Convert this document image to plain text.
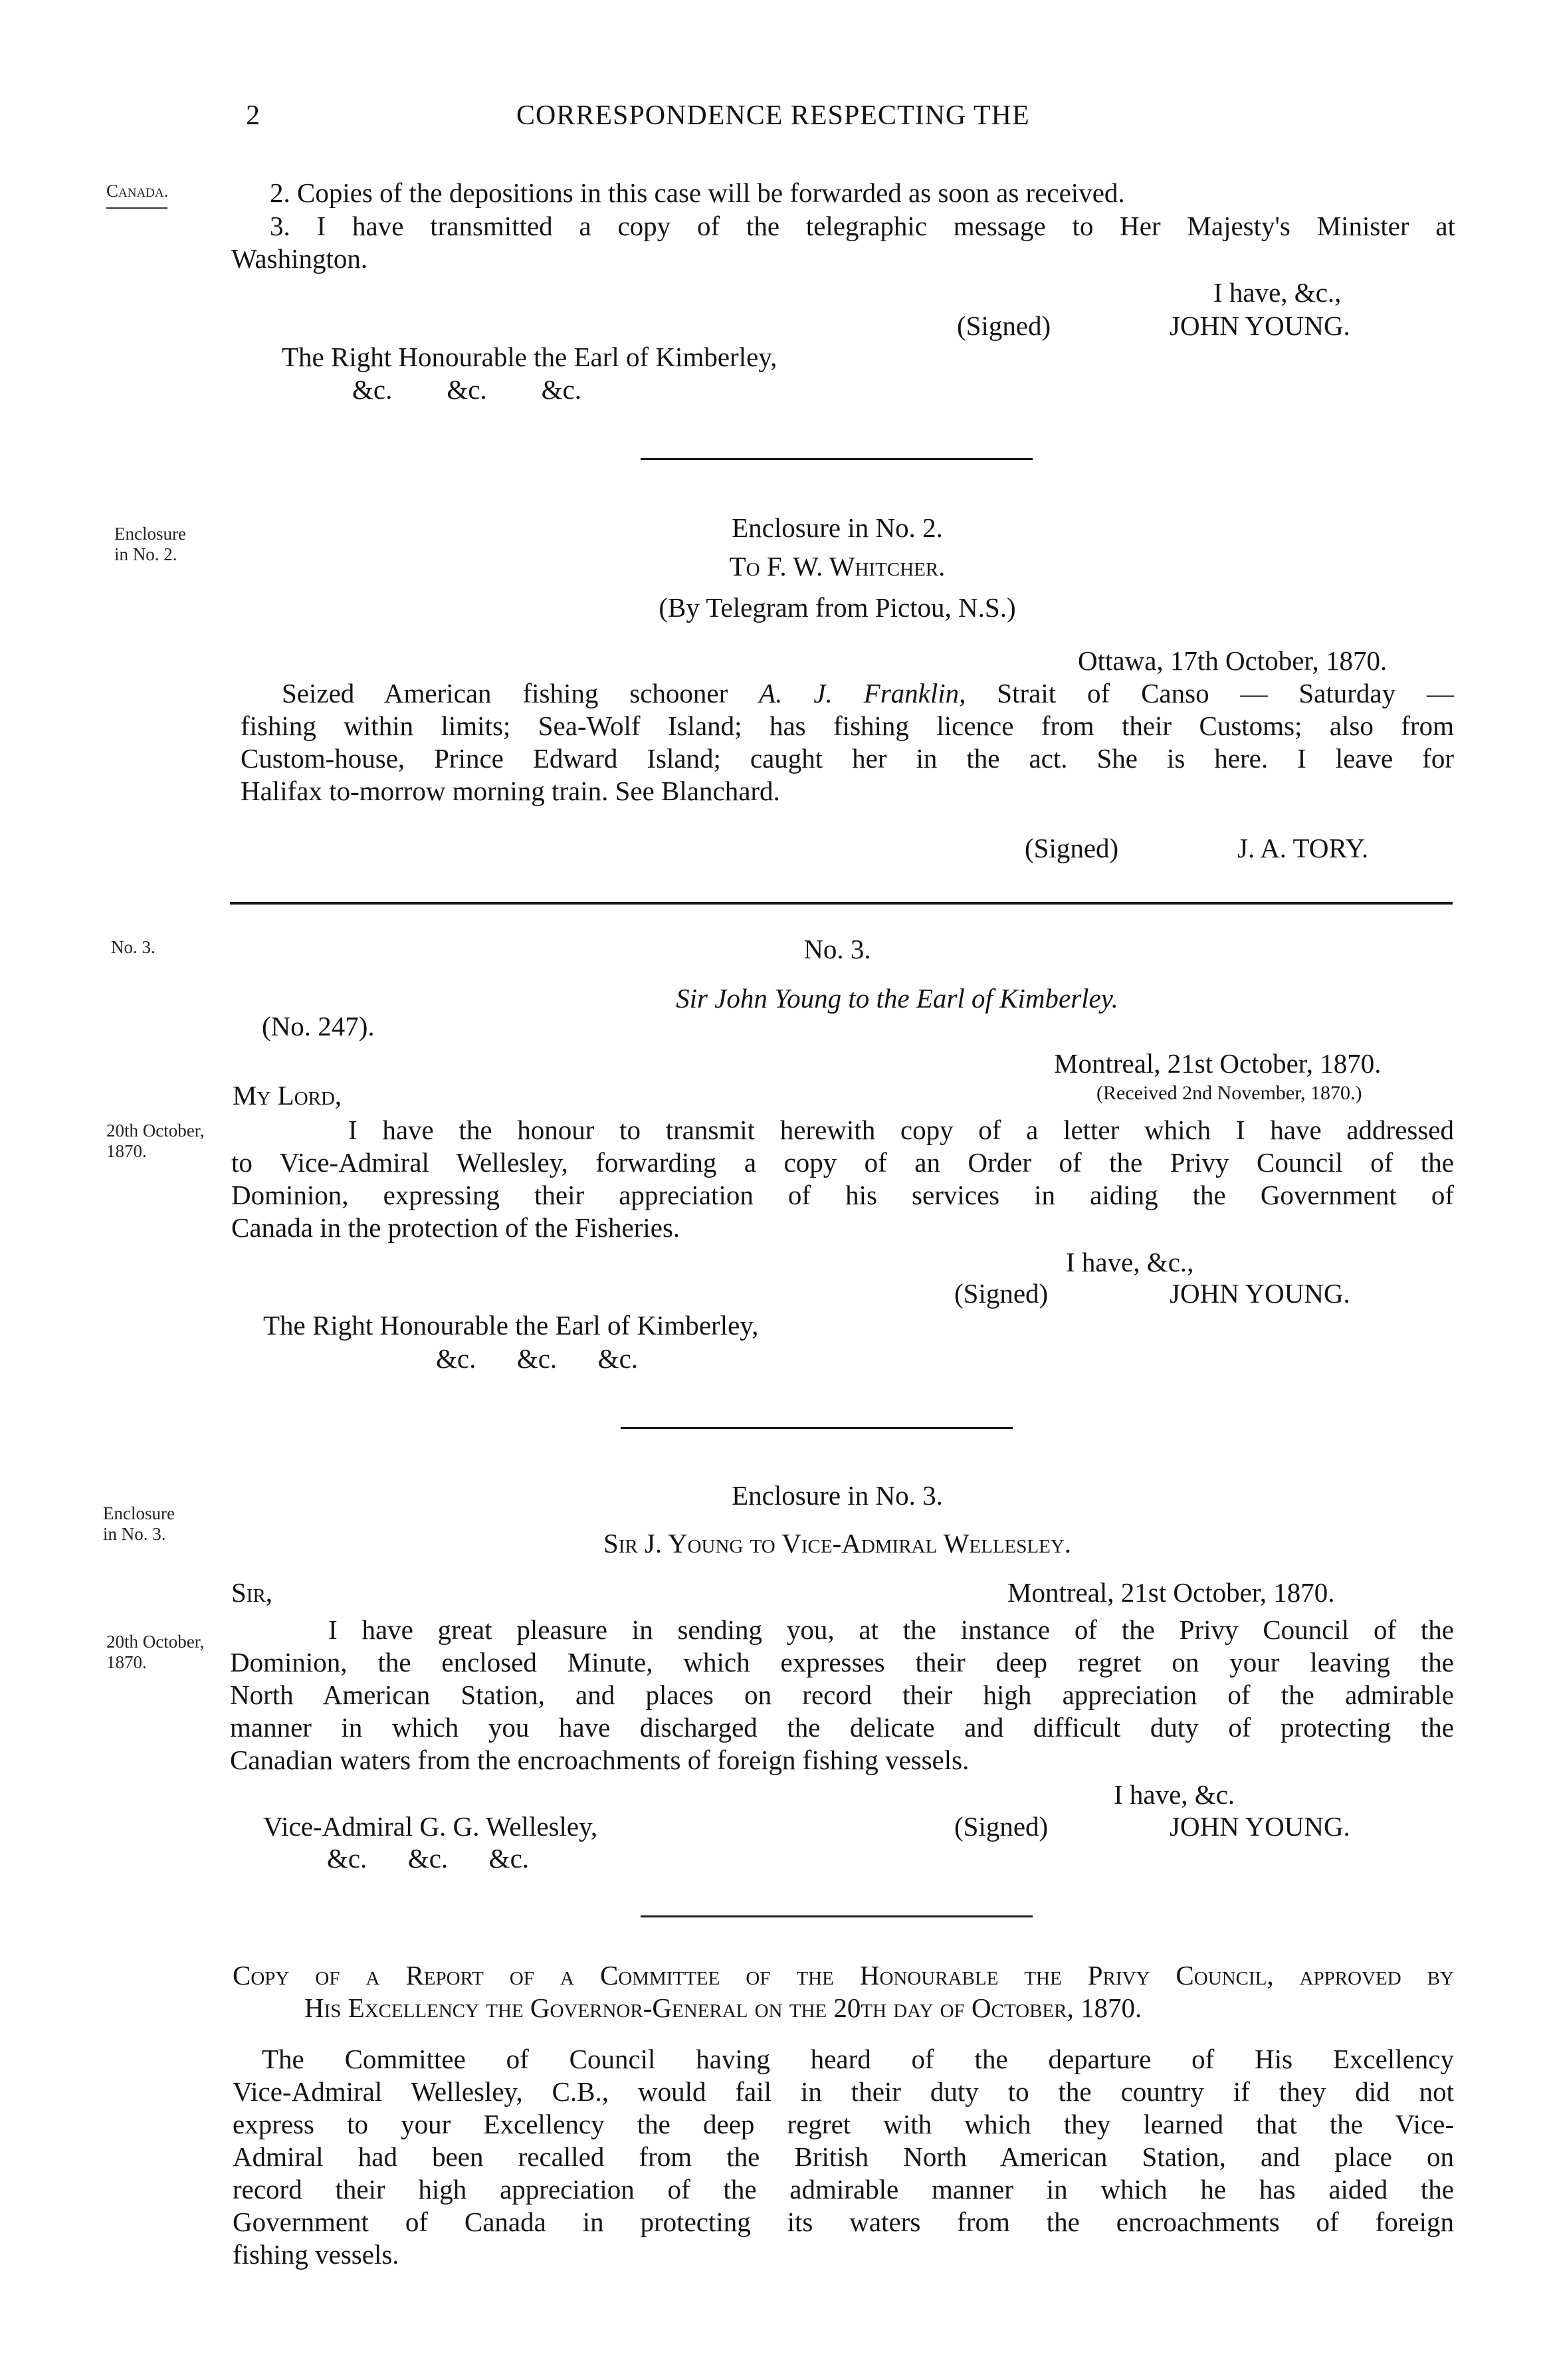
2	CORRESPONDENCE RESPECTING THE
Canada.
Enclosure
in No. 2.
No. 3.
20th October,
1870.
Enclosure
in No. 3.
20th October,
1870.
2. Copies of the depositions in this case will be forwarded as soon as received.
3. I have transmitted a copy of the telegraphic message to Her Majesty's Minister at
Washington.
I have, &c.,
(Signed)	JOHN YOUNG.
The Right Honourable the Earl of Kimberley,
&c.        &c.        &c.
Enclosure in No. 2.
To F. W. Whitcher.
(By Telegram from Pictou, N.S.)
Ottawa, 17th October, 1870.
Seized American fishing schooner A. J. Franklin, Strait of Canso — Saturday —
fishing within limits; Sea-Wolf Island; has fishing licence from their Customs; also from
Custom-house, Prince Edward Island; caught her in the act. She is here. I leave for
Halifax to-morrow morning train. See Blanchard.
(Signed)	J. A. TORY.
No. 3.
Sir John Young to the Earl of Kimberley.
(No. 247).
Montreal, 21st October, 1870.
My Lord,	(Received 2nd November, 1870.)
I have the honour to transmit herewith copy of a letter which I have addressed
to Vice-Admiral Wellesley, forwarding a copy of an Order of the Privy Council of the
Dominion, expressing their appreciation of his services in aiding the Government of
Canada in the protection of the Fisheries.
I have, &c.,
(Signed)	JOHN YOUNG.
The Right Honourable the Earl of Kimberley,
&c.      &c.      &c.
Enclosure in No. 3.
Sir J. Young to Vice-Admiral Wellesley.
Sir,	Montreal, 21st October, 1870.
I have great pleasure in sending you, at the instance of the Privy Council of the
Dominion, the enclosed Minute, which expresses their deep regret on your leaving the
North American Station, and places on record their high appreciation of the admirable
manner in which you have discharged the delicate and difficult duty of protecting the
Canadian waters from the encroachments of foreign fishing vessels.
I have, &c.
Vice-Admiral G. G. Wellesley,	(Signed)	JOHN YOUNG.
&c.      &c.      &c.
Copy of a Report of a Committee of the Honourable the Privy Council, approved by
His Excellency the Governor-General on the 20th day of October, 1870.
The Committee of Council having heard of the departure of His Excellency
Vice-Admiral Wellesley, C.B., would fail in their duty to the country if they did not
express to your Excellency the deep regret with which they learned that the Vice-
Admiral had been recalled from the British North American Station, and place on
record their high appreciation of the admirable manner in which he has aided the
Government of Canada in protecting its waters from the encroachments of foreign
fishing vessels.
